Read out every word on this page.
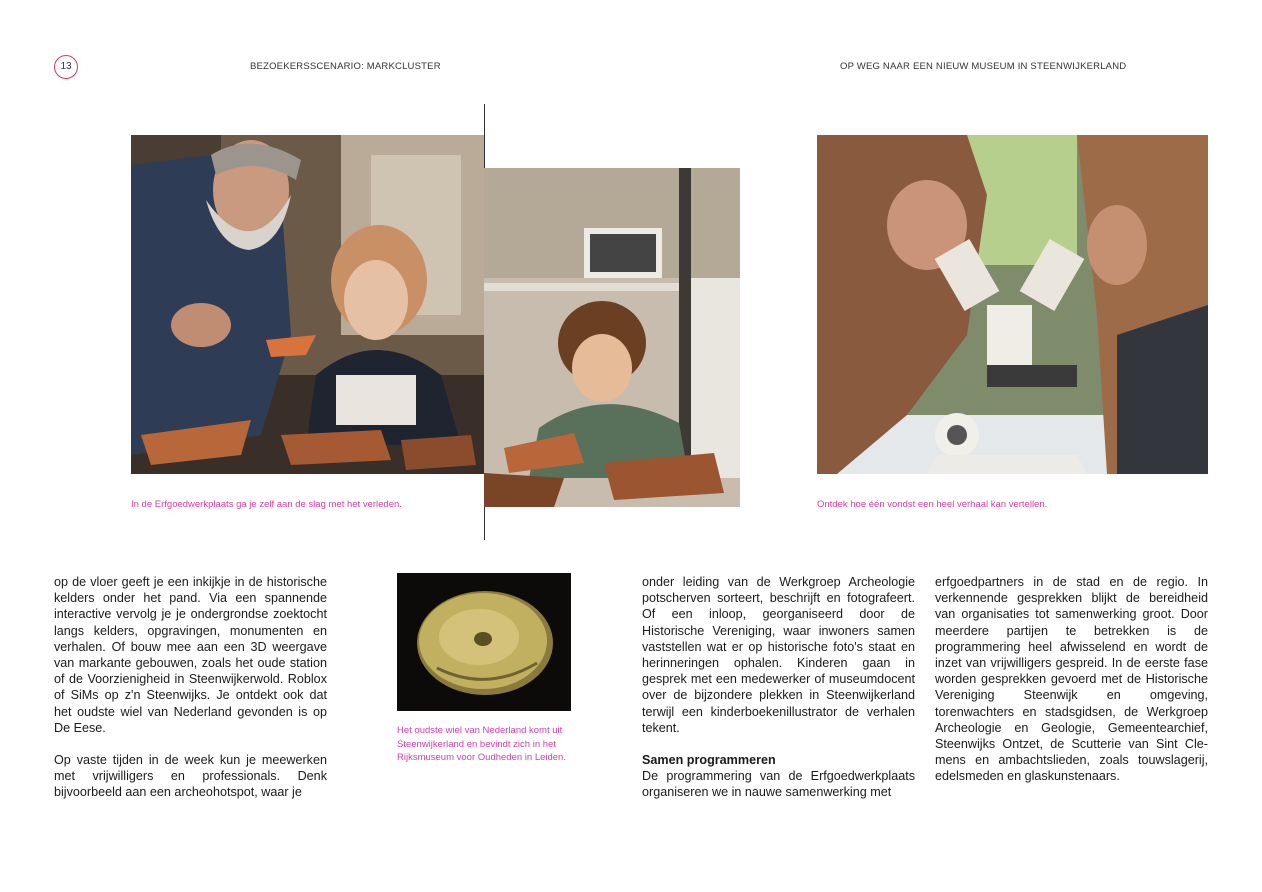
13	BEZOEKERSSCENARIO: MARKCLUSTER	OP WEG NAAR EEN NIEUW MUSEUM IN STEENWIJKERLAND
In de Erfgoedwerkplaats ga je zelf aan de slag met het verleden.	Ontdek hoe één vondst een heel verhaal kan vertellen.

op de vloer geeft je een inkijkje in de historische kelders onder het pand. Via een spannende interactive vervolg je je ondergrondse zoektocht langs kelders, opgravingen, monumenten en verhalen. Of bouw mee aan een 3D weergave van markante gebouwen, zoals het oude station of de Voorzienigheid in Steenwijkerwold. Roblox of SiMs op z'n Steenwijks. Je ontdekt ook dat het oudste wiel van Nederland gevonden is op De Eese.

Op vaste tijden in de week kun je meewerken met vrijwilligers en professionals. Denk bijvoorbeeld aan een archeohotspot, waar je

Het oudste wiel van Nederland komt uit Steenwijkerland en bevindt zich in het Rijksmuseum voor Oudheden in Leiden.

onder leiding van de Werkgroep Archeologie potscherven sorteert, beschrijft en fotografeert. Of een inloop, georganiseerd door de Historische Vereniging, waar inwoners samen vaststellen wat er op historische foto's staat en herinneringen ophalen. Kinderen gaan in gesprek met een medewerker of museumdocent over de bijzondere plekken in Steenwijkerland terwijl een kinderboekenillustrator de verhalen tekent.

Samen programmeren
De programmering van de Erfgoedwerkplaats organiseren we in nauwe samenwerking met

erfgoedpartners in de stad en de regio. In verkennende gesprekken blijkt de bereidheid van organisaties tot samenwerking groot. Door meerdere partijen te betrekken is de programmering heel afwisselend en wordt de inzet van vrijwilligers gespreid. In de eerste fase worden gesprekken gevoerd met de Historische Vereniging Steenwijk en omgeving, torenwachters en stadsgidsen, de Werkgroep Archeologie en Geologie, Gemeentearchief, Steenwijks Ontzet, de Scutterie van Sint Clemens en ambachtslieden, zoals touwslagerij, edelsmeden en glaskunstenaars.
